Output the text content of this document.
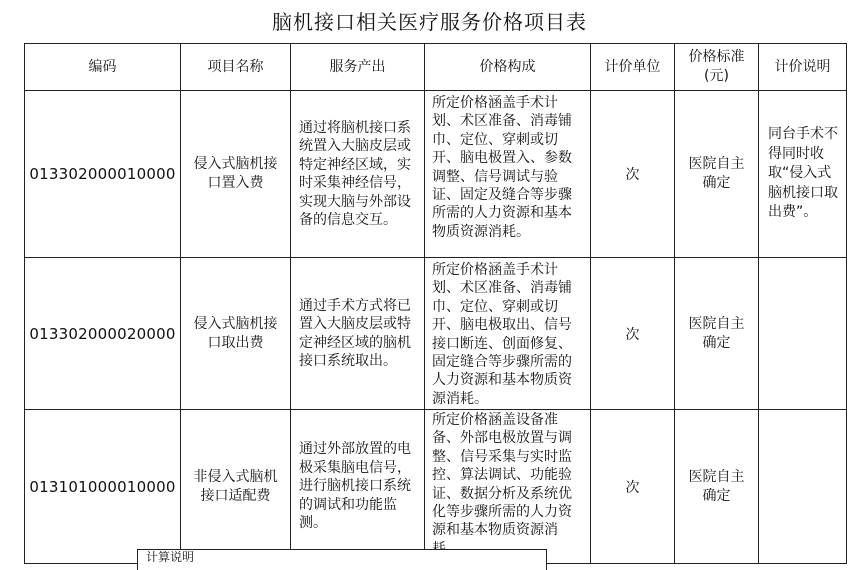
脑机接口相关医疗服务价格项目表
编码	项目名称	服务产出	价格构成	计价单位	价格标准(元)	计价说明
013302000010000	侵入式脑机接口置入费	通过将脑机接口系统置入大脑皮层或特定神经区域，实时采集神经信号，实现大脑与外部设备的信息交互。	所定价格涵盖手术计划、术区准备、消毒铺巾、定位、穿刺或切开、脑电极置入、参数调整、信号调试与验证、固定及缝合等步骤所需的人力资源和基本物质资源消耗。	次	医院自主确定	同台手术不得同时收取“侵入式脑机接口取出费”。
013302000020000	侵入式脑机接口取出费	通过手术方式将已置入大脑皮层或特定神经区域的脑机接口系统取出。	所定价格涵盖手术计划、术区准备、消毒铺巾、定位、穿刺或切开、脑电极取出、信号接口断连、创面修复、固定缝合等步骤所需的人力资源和基本物质资源消耗。	次	医院自主确定	
013101000010000	非侵入式脑机接口适配费	通过外部放置的电极采集脑电信号，进行脑机接口系统的调试和功能监测。	所定价格涵盖设备准备、外部电极放置与调整、信号采集与实时监控、算法调试、功能验证、数据分析及系统优化等步骤所需的人力资源和基本物质资源消	次	医院自主确定	
计算说明
